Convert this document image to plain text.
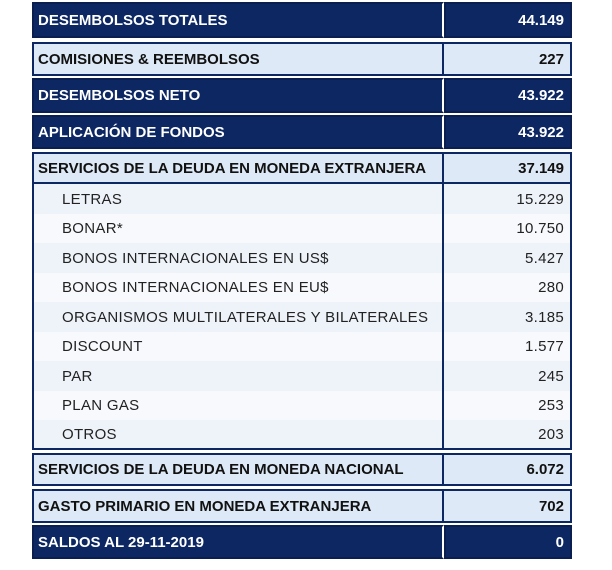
DESEMBOLSOS TOTALES	44.149
COMISIONES & REEMBOLSOS	227
DESEMBOLSOS NETO	43.922
APLICACIÓN DE FONDOS	43.922
SERVICIOS DE LA DEUDA EN MONEDA EXTRANJERA	37.149
LETRAS	15.229
BONAR*	10.750
BONOS INTERNACIONALES EN US$	5.427
BONOS INTERNACIONALES EN EU$	280
ORGANISMOS MULTILATERALES Y BILATERALES	3.185
DISCOUNT	1.577
PAR	245
PLAN GAS	253
OTROS	203
SERVICIOS DE LA DEUDA EN MONEDA NACIONAL	6.072
GASTO PRIMARIO EN MONEDA EXTRANJERA	702
SALDOS AL 29-11-2019	0
